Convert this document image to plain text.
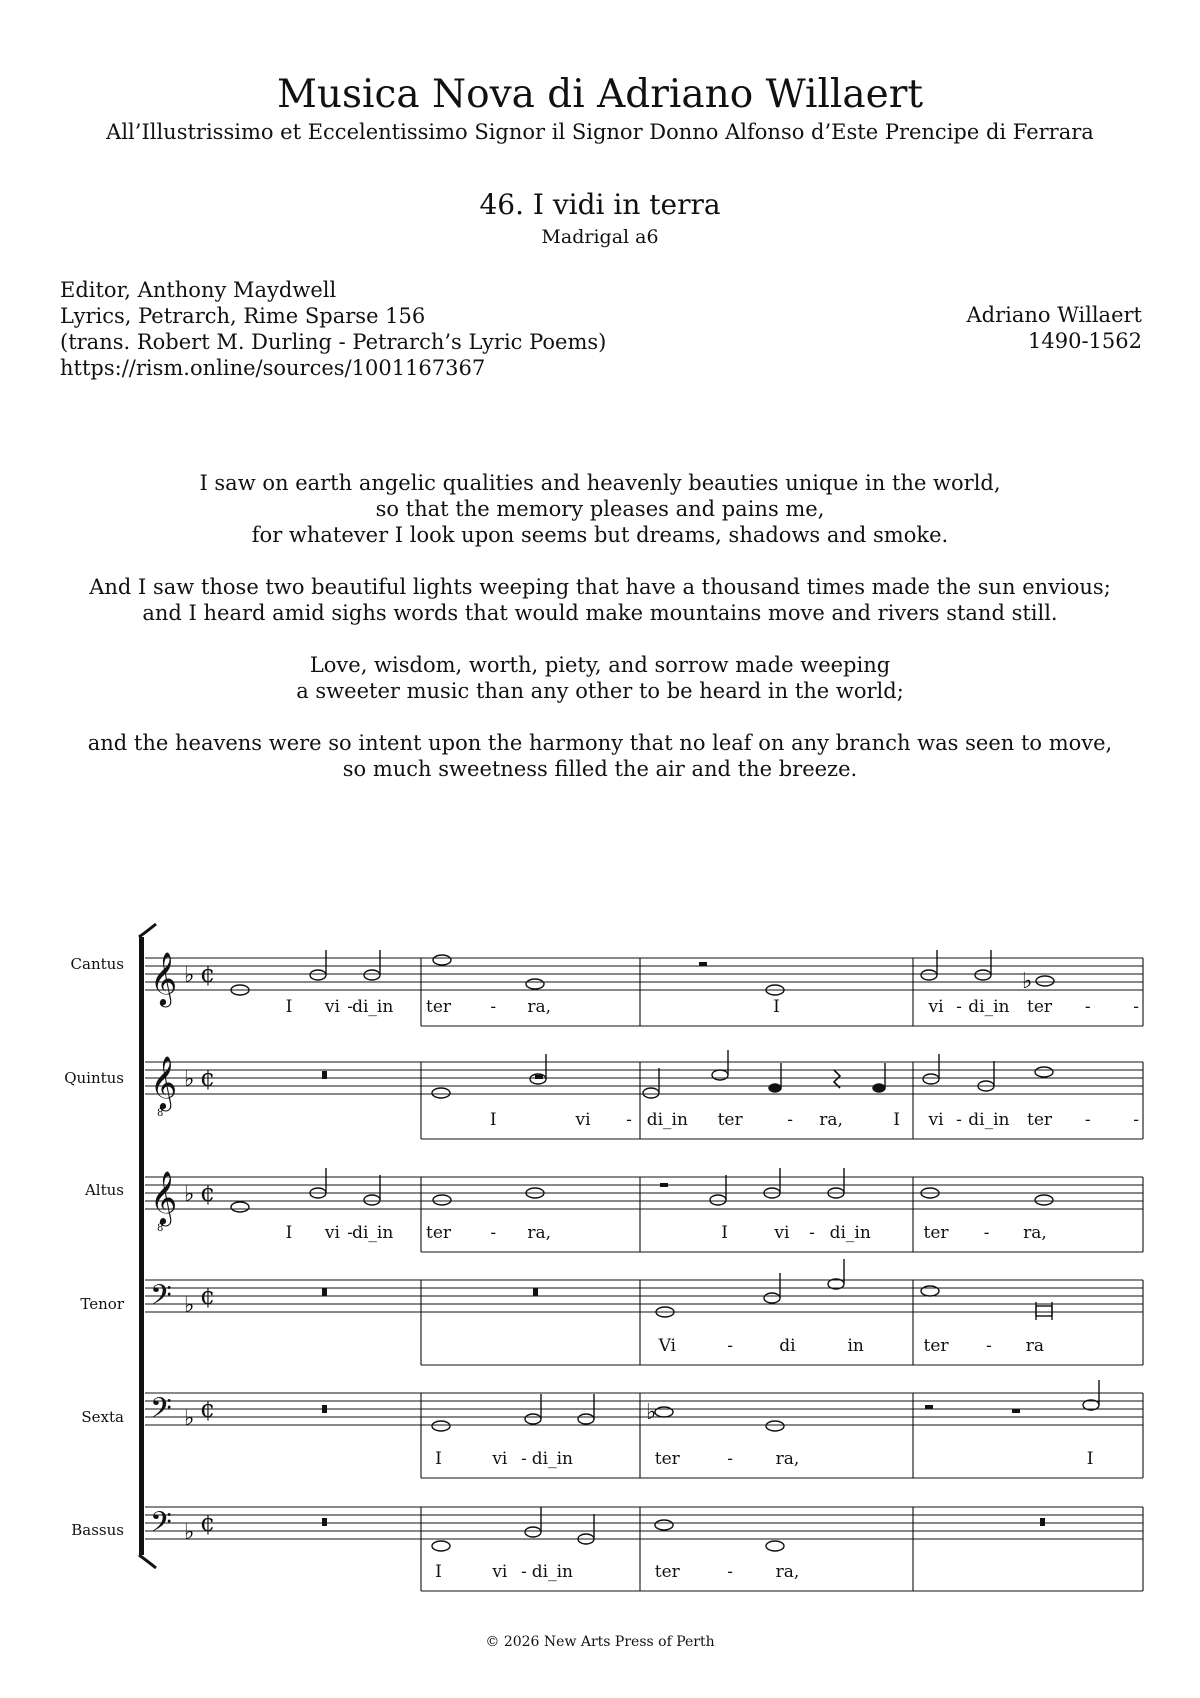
Musica Nova di Adriano Willaert
All’Illustrissimo et Eccelentissimo Signor il Signor Donno Alfonso d’Este Prencipe di Ferrara
46. I vidi in terra
Madrigal a6
Editor, Anthony Maydwell
Lyrics, Petrarch, Rime Sparse 156
(trans. Robert M. Durling - Petrarch’s Lyric Poems)
https://rism.online/sources/1001167367
Adriano Willaert
1490-1562

I saw on earth angelic qualities and heavenly beauties unique in the world,
so that the memory pleases and pains me,
for whatever I look upon seems but dreams, shadows and smoke.

And I saw those two beautiful lights weeping that have a thousand times made the sun envious;
and I heard amid sighs words that would make mountains move and rivers stand still.

Love, wisdom, worth, piety, and sorrow made weeping
a sweeter music than any other to be heard in the world;

and the heavens were so intent upon the harmony that no leaf on any branch was seen to move,
so much sweetness filled the air and the breeze.

Cantus
Quintus
Altus
Tenor
Sexta
Bassus
𝄞 ♭ ¢
𝄞
8
♭ ¢
𝄞
8
♭ ¢
𝄢 ♭ ¢
𝄢 ♭ ¢
𝄢 ♭ ¢
I vi - di_in ter - ra,	I	vi - di_in ter -	-
I	vi - di_in ter	- ra,	I vi - di_in ter -	-
I vi - di_in ter - ra,	I	vi - di_in	ter - ra,
Vi	-	di	in	ter - ra
I	vi - di_in	ter	-	ra,	I
I	vi - di_in	ter	-	ra,
♭
♭
© 2026 New Arts Press of Perth
